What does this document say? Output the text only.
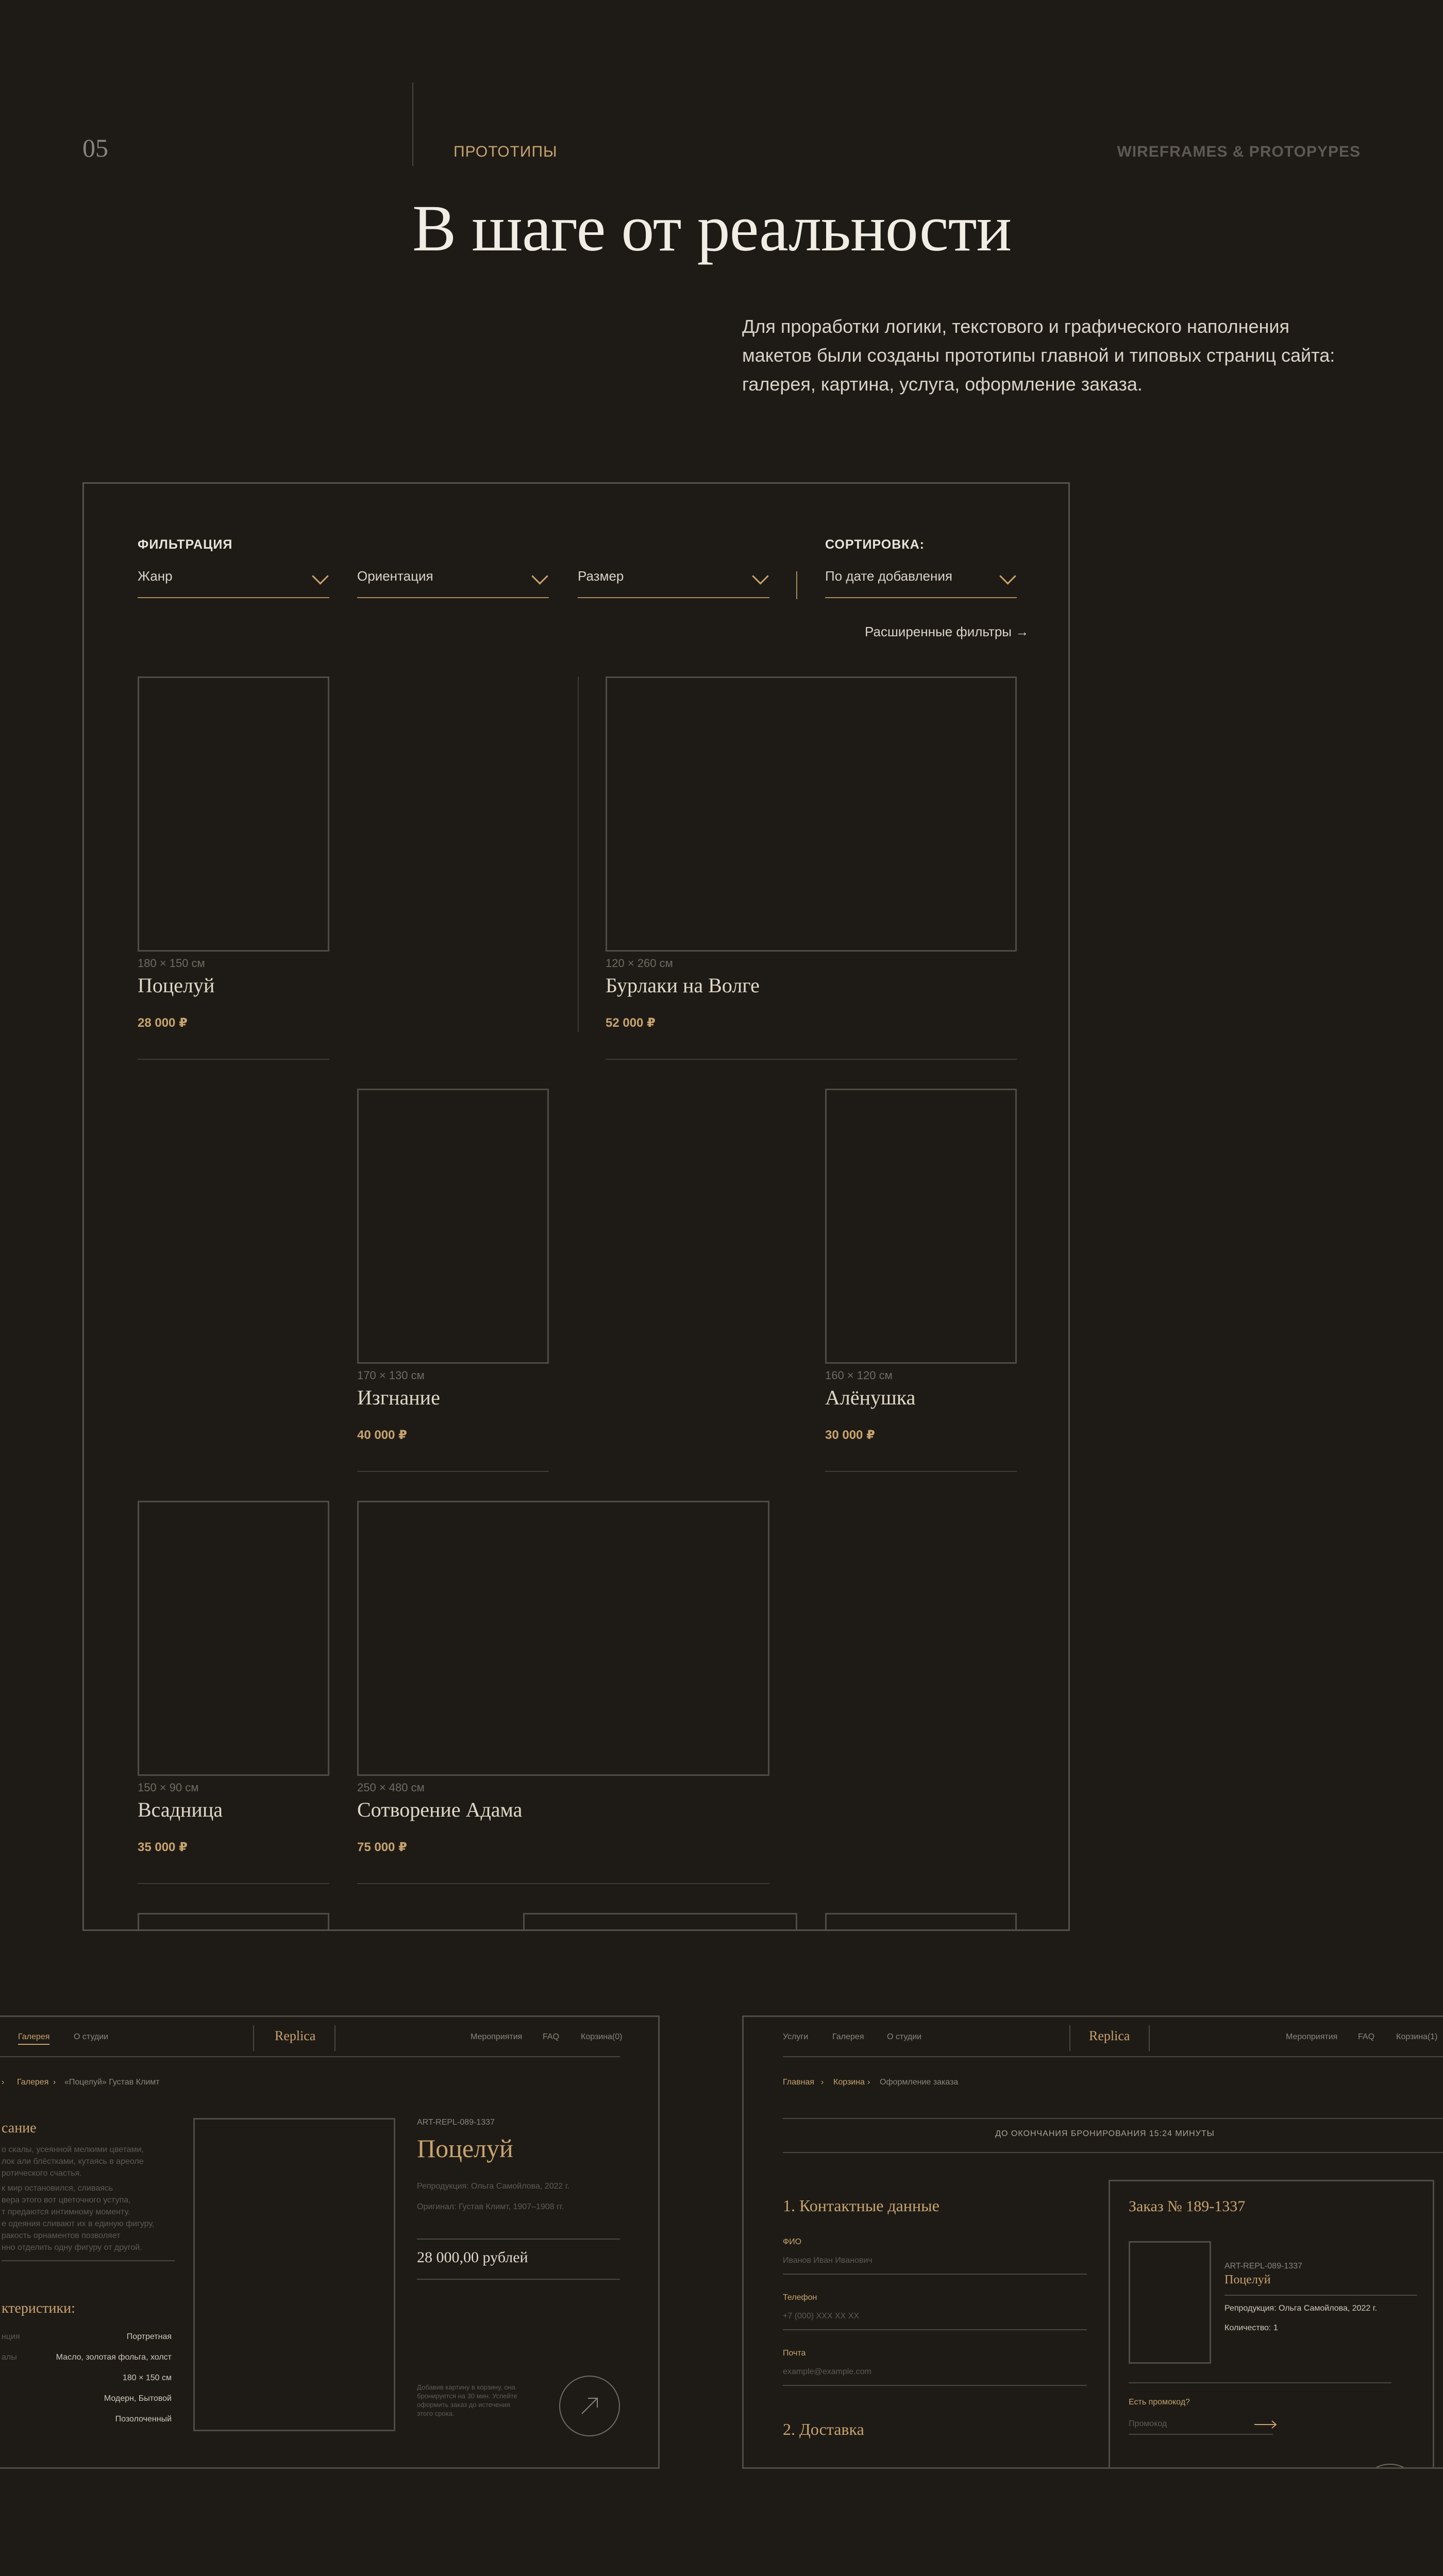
05	ПРОТОТИПЫ	WIREFRAMES & PROTOPYPES
В шаге от реальности
Для проработки логики, текстового и графического наполнения макетов были созданы прототипы главной и типовых страниц сайта: галерея, картина, услуга, оформление заказа.
ФИЛЬТРАЦИЯ	СОРТИРОВКА:
Жанр	Ориентация	Размер	По дате добавления
Расширенные фильтры →
180 × 150 см
Поцелуй
28 000 ₽
120 × 260 см
Бурлаки на Волге
52 000 ₽
170 × 130 см
Изгнание
40 000 ₽
160 × 120 см
Алёнушка
30 000 ₽
150 × 90 см
Всадница
35 000 ₽
250 × 480 см
Сотворение Адама
75 000 ₽
Галерея	О студии	Replica	Мероприятия FAQ	Корзина(0)
› Галерея › «Поцелуй» Густав Климт
сание
о скалы, усеянной мелкими цветами,
лок али блёстками, кутаясь в ареоле
ротического счастья.
к мир остановился, сливаясь
вера этого вот цветочного уступа,
т предаются интимному моменту.
е одеяния сливают их в единую фигуру,
ракость орнаментов позволяет
нно отделить одну фигуру от другой.
ктеристики:
нция	Портретная
алы	Масло, золотая фольга, холст
180 × 150 см
Модерн, Бытовой
Позолоченный
ART-REPL-089-1337
Поцелуй
Репродукция: Ольга Самойлова, 2022 г.
Оригинал: Густав Климт, 1907–1908 гг.
28 000,00 рублей
Добавив картину в корзину, она бронируется на 30 мин. Успейте оформить заказ до истечения этого срока.
Услуги	Галерея	О студии	Replica	Мероприятия FAQ	Корзина(1)
Главная › Корзина › Оформление заказа
ДО ОКОНЧАНИЯ БРОНИРОВАНИЯ 15:24 МИНУТЫ
1. Контактные данные
ФИО
Иванов Иван Иванович
Телефон
+7 (000) XXX XX XX
Почта
example@example.com
2. Доставка
Заказ № 189-1337
ART-REPL-089-1337
Поцелуй
Репродукция: Ольга Самойлова, 2022 г.
Количество: 1
Есть промокод?
Промокод
